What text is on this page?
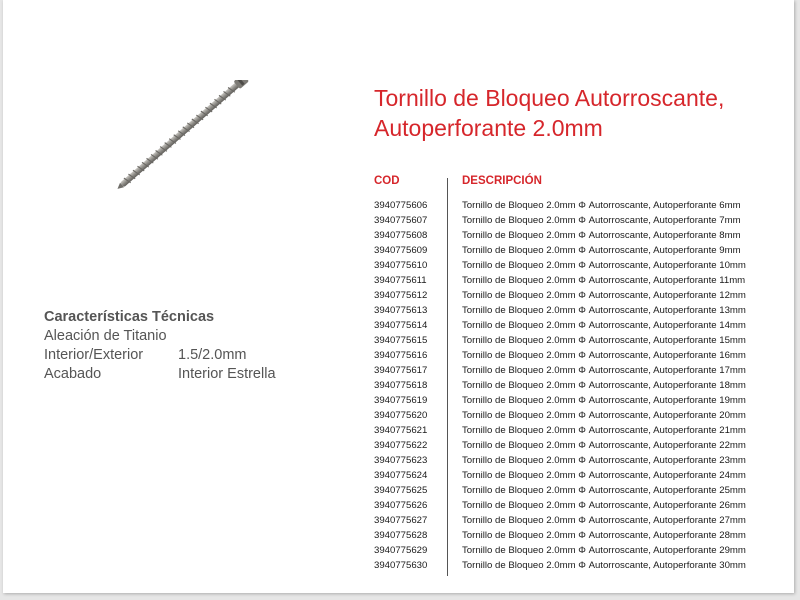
Tornillo de Bloqueo Autorroscante,
Autoperforante 2.0mm
COD	DESCRIPCIÓN
3940775606	Tornillo de Bloqueo 2.0mm Φ Autorroscante, Autoperforante 6mm
3940775607	Tornillo de Bloqueo 2.0mm Φ Autorroscante, Autoperforante 7mm
3940775608	Tornillo de Bloqueo 2.0mm Φ Autorroscante, Autoperforante 8mm
3940775609	Tornillo de Bloqueo 2.0mm Φ Autorroscante, Autoperforante 9mm
3940775610	Tornillo de Bloqueo 2.0mm Φ Autorroscante, Autoperforante 10mm
3940775611	Tornillo de Bloqueo 2.0mm Φ Autorroscante, Autoperforante 11mm
3940775612	Tornillo de Bloqueo 2.0mm Φ Autorroscante, Autoperforante 12mm
3940775613	Tornillo de Bloqueo 2.0mm Φ Autorroscante, Autoperforante 13mm
3940775614	Tornillo de Bloqueo 2.0mm Φ Autorroscante, Autoperforante 14mm
3940775615	Tornillo de Bloqueo 2.0mm Φ Autorroscante, Autoperforante 15mm
3940775616	Tornillo de Bloqueo 2.0mm Φ Autorroscante, Autoperforante 16mm
3940775617	Tornillo de Bloqueo 2.0mm Φ Autorroscante, Autoperforante 17mm
3940775618	Tornillo de Bloqueo 2.0mm Φ Autorroscante, Autoperforante 18mm
3940775619	Tornillo de Bloqueo 2.0mm Φ Autorroscante, Autoperforante 19mm
3940775620	Tornillo de Bloqueo 2.0mm Φ Autorroscante, Autoperforante 20mm
3940775621	Tornillo de Bloqueo 2.0mm Φ Autorroscante, Autoperforante 21mm
3940775622	Tornillo de Bloqueo 2.0mm Φ Autorroscante, Autoperforante 22mm
3940775623	Tornillo de Bloqueo 2.0mm Φ Autorroscante, Autoperforante 23mm
3940775624	Tornillo de Bloqueo 2.0mm Φ Autorroscante, Autoperforante 24mm
3940775625	Tornillo de Bloqueo 2.0mm Φ Autorroscante, Autoperforante 25mm
3940775626	Tornillo de Bloqueo 2.0mm Φ Autorroscante, Autoperforante 26mm
3940775627	Tornillo de Bloqueo 2.0mm Φ Autorroscante, Autoperforante 27mm
3940775628	Tornillo de Bloqueo 2.0mm Φ Autorroscante, Autoperforante 28mm
3940775629	Tornillo de Bloqueo 2.0mm Φ Autorroscante, Autoperforante 29mm
3940775630	Tornillo de Bloqueo 2.0mm Φ Autorroscante, Autoperforante 30mm
Características Técnicas
Aleación de Titanio
Interior/Exterior 1.5/2.0mm
Acabado	Interior Estrella
